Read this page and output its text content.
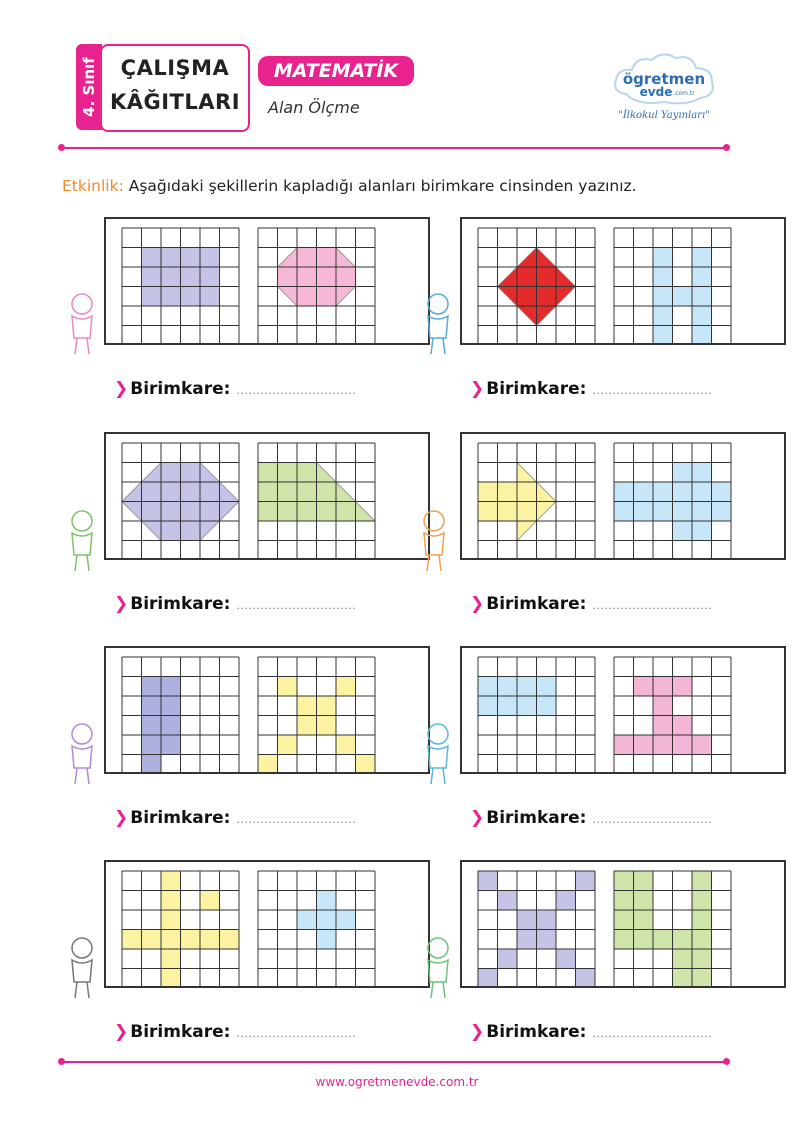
4. Sınıf	ÇALIŞMA
KÂĞITLARI
MATEMATİK
Alan Ölçme
ögretmen
evde .com.tr
"İlkokul Yayınları"
Etkinlik: Aşağıdaki şekillerin kapladığı alanları birimkare cinsinden yazınız.
❯ Birimkare: ..............................	❯ Birimkare: ..............................
❯ Birimkare: ..............................	❯ Birimkare: ..............................
❯ Birimkare: ..............................	❯ Birimkare: ..............................
❯ Birimkare: ..............................	❯ Birimkare: ..............................
www.ogretmenevde.com.tr
